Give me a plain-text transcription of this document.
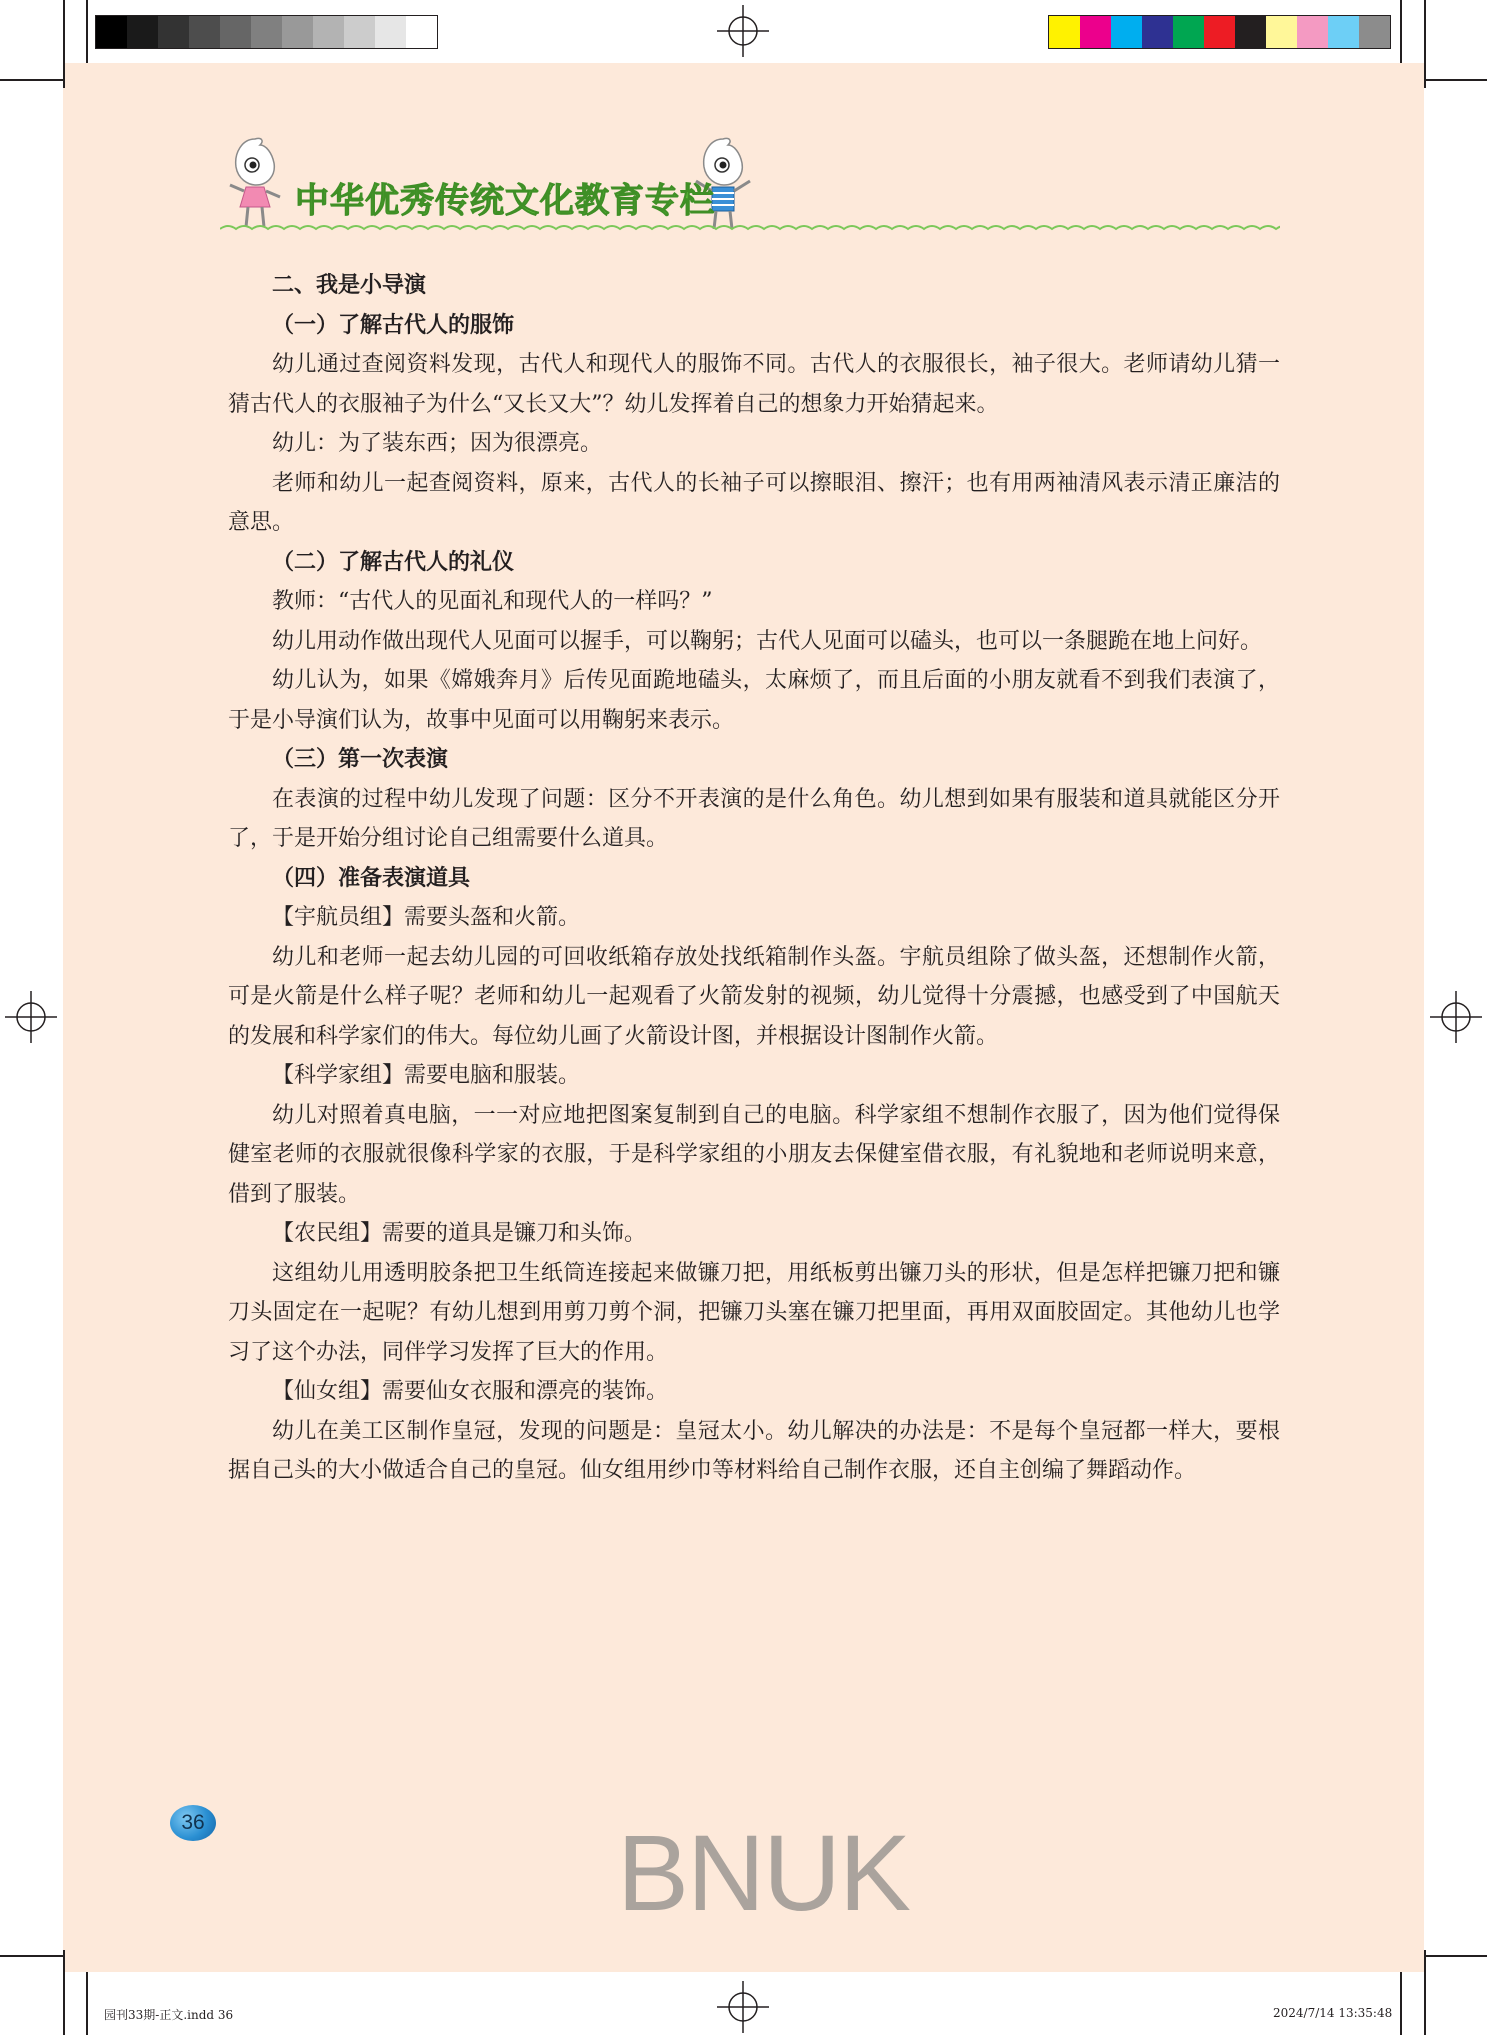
中华优秀传统文化教育专栏

二、我是小导演

（一）了解古代人的服饰

幼儿通过查阅资料发现，古代人和现代人的服饰不同。古代人的衣服很长，袖子很大。老师请幼儿猜一猜古代人的衣服袖子为什么“又长又大”？幼儿发挥着自己的想象力开始猜起来。

幼儿：为了装东西；因为很漂亮。

老师和幼儿一起查阅资料，原来，古代人的长袖子可以擦眼泪、擦汗；也有用两袖清风表示清正廉洁的意思。

（二）了解古代人的礼仪

教师：“古代人的见面礼和现代人的一样吗？”

幼儿用动作做出现代人见面可以握手，可以鞠躬；古代人见面可以磕头，也可以一条腿跪在地上问好。

幼儿认为，如果《嫦娥奔月》后传见面跪地磕头，太麻烦了，而且后面的小朋友就看不到我们表演了，于是小导演们认为，故事中见面可以用鞠躬来表示。

（三）第一次表演

在表演的过程中幼儿发现了问题：区分不开表演的是什么角色。幼儿想到如果有服装和道具就能区分开了，于是开始分组讨论自己组需要什么道具。

（四）准备表演道具

【宇航员组】需要头盔和火箭。

幼儿和老师一起去幼儿园的可回收纸箱存放处找纸箱制作头盔。宇航员组除了做头盔，还想制作火箭，可是火箭是什么样子呢？老师和幼儿一起观看了火箭发射的视频，幼儿觉得十分震撼，也感受到了中国航天的发展和科学家们的伟大。每位幼儿画了火箭设计图，并根据设计图制作火箭。

【科学家组】需要电脑和服装。

幼儿对照着真电脑，一一对应地把图案复制到自己的电脑。科学家组不想制作衣服了，因为他们觉得保健室老师的衣服就很像科学家的衣服，于是科学家组的小朋友去保健室借衣服，有礼貌地和老师说明来意，借到了服装。

【农民组】需要的道具是镰刀和头饰。

这组幼儿用透明胶条把卫生纸筒连接起来做镰刀把，用纸板剪出镰刀头的形状，但是怎样把镰刀把和镰刀头固定在一起呢？有幼儿想到用剪刀剪个洞，把镰刀头塞在镰刀把里面，再用双面胶固定。其他幼儿也学习了这个办法，同伴学习发挥了巨大的作用。

【仙女组】需要仙女衣服和漂亮的装饰。

幼儿在美工区制作皇冠，发现的问题是：皇冠太小。幼儿解决的办法是：不是每个皇冠都一样大，要根据自己头的大小做适合自己的皇冠。仙女组用纱巾等材料给自己制作衣服，还自主创编了舞蹈动作。

36	BNUK
园刊33期-正文.indd 36	2024/7/14 13:35:48
